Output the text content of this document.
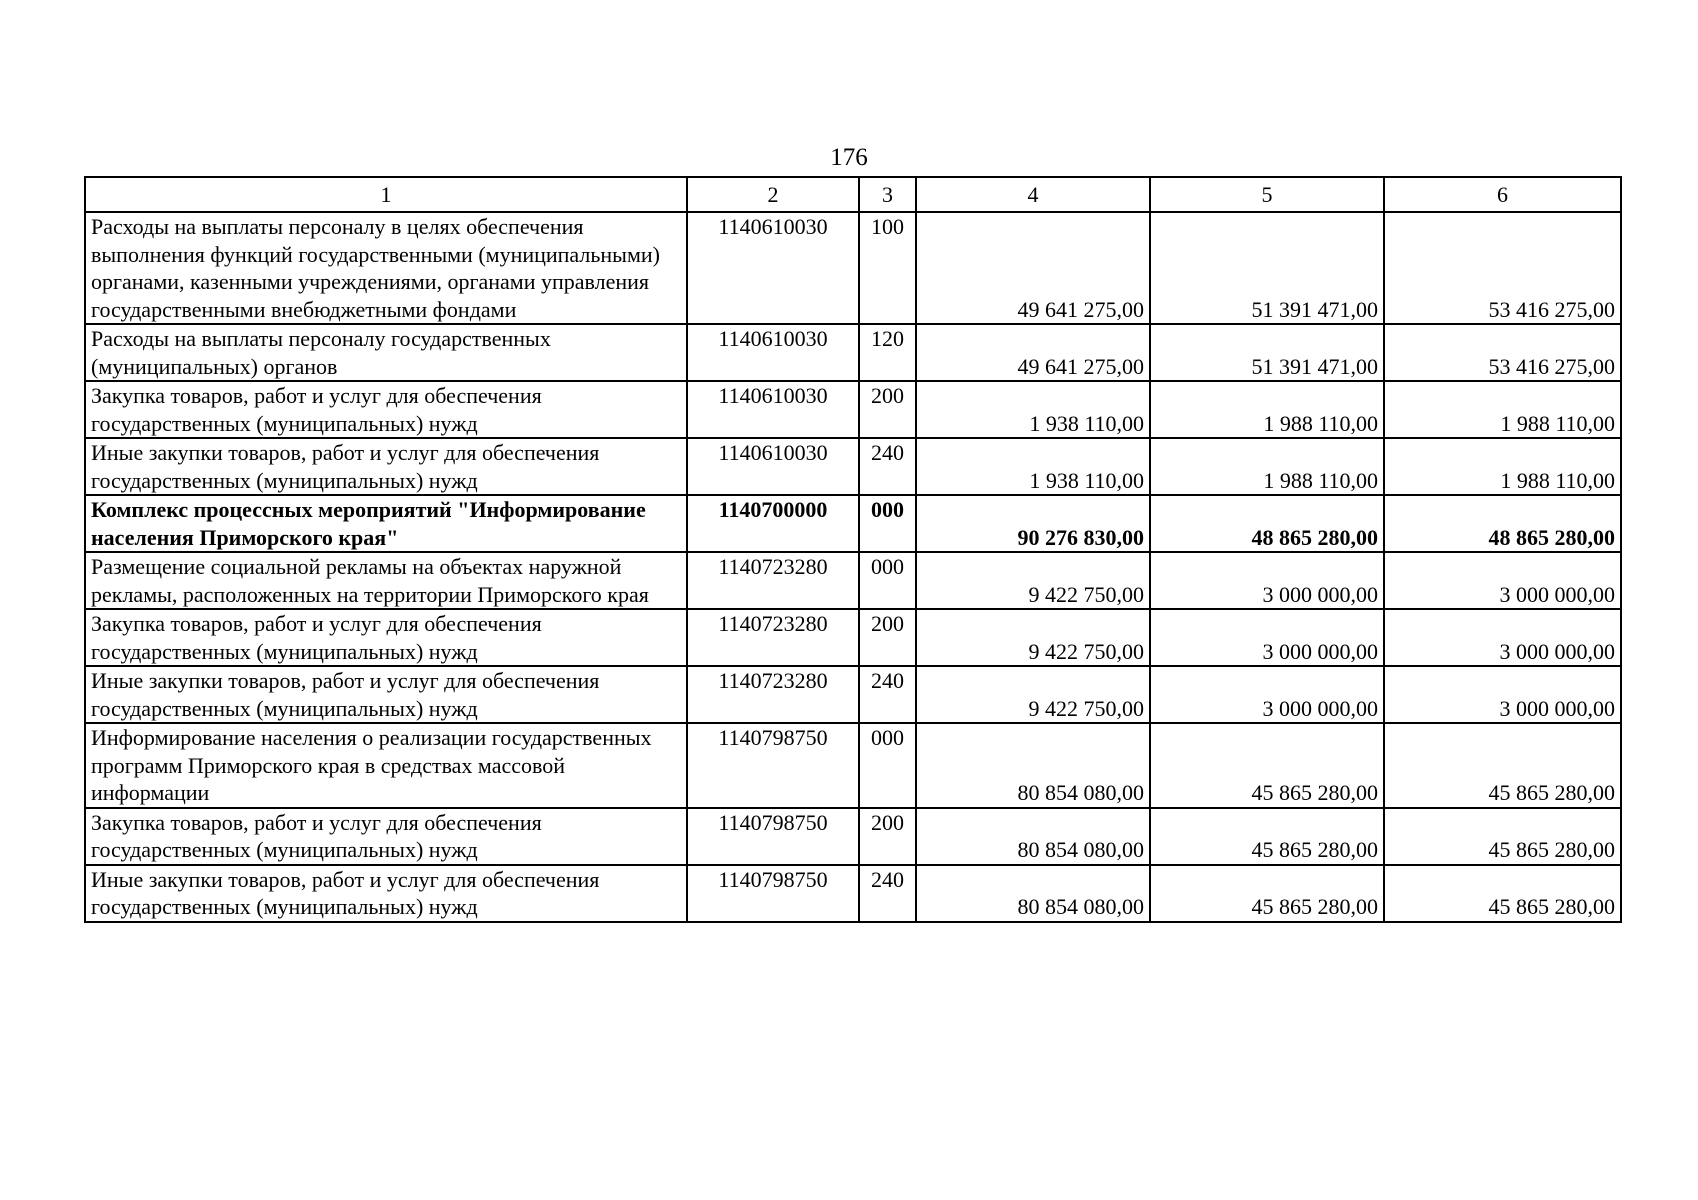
176
1	2	3	4	5	6
Расходы на выплаты персоналу в целях обеспечения выполнения функций государственными (муниципальными) органами, казенными учреждениями, органами управления государственными внебюджетными фондами	1140610030	100	49 641 275,00	51 391 471,00	53 416 275,00
Расходы на выплаты персоналу государственных (муниципальных) органов	1140610030	120	49 641 275,00	51 391 471,00	53 416 275,00
Закупка товаров, работ и услуг для обеспечения государственных (муниципальных) нужд	1140610030	200	1 938 110,00	1 988 110,00	1 988 110,00
Иные закупки товаров, работ и услуг для обеспечения государственных (муниципальных) нужд	1140610030	240	1 938 110,00	1 988 110,00	1 988 110,00
Комплекс процессных мероприятий "Информирование населения Приморского края"	1140700000	000	90 276 830,00	48 865 280,00	48 865 280,00
Размещение социальной рекламы на объектах наружной рекламы, расположенных на территории Приморского края	1140723280	000	9 422 750,00	3 000 000,00	3 000 000,00
Закупка товаров, работ и услуг для обеспечения государственных (муниципальных) нужд	1140723280	200	9 422 750,00	3 000 000,00	3 000 000,00
Иные закупки товаров, работ и услуг для обеспечения государственных (муниципальных) нужд	1140723280	240	9 422 750,00	3 000 000,00	3 000 000,00
Информирование населения о реализации государственных программ Приморского края в средствах массовой информации	1140798750	000	80 854 080,00	45 865 280,00	45 865 280,00
Закупка товаров, работ и услуг для обеспечения государственных (муниципальных) нужд	1140798750	200	80 854 080,00	45 865 280,00	45 865 280,00
Иные закупки товаров, работ и услуг для обеспечения государственных (муниципальных) нужд	1140798750	240	80 854 080,00	45 865 280,00	45 865 280,00
